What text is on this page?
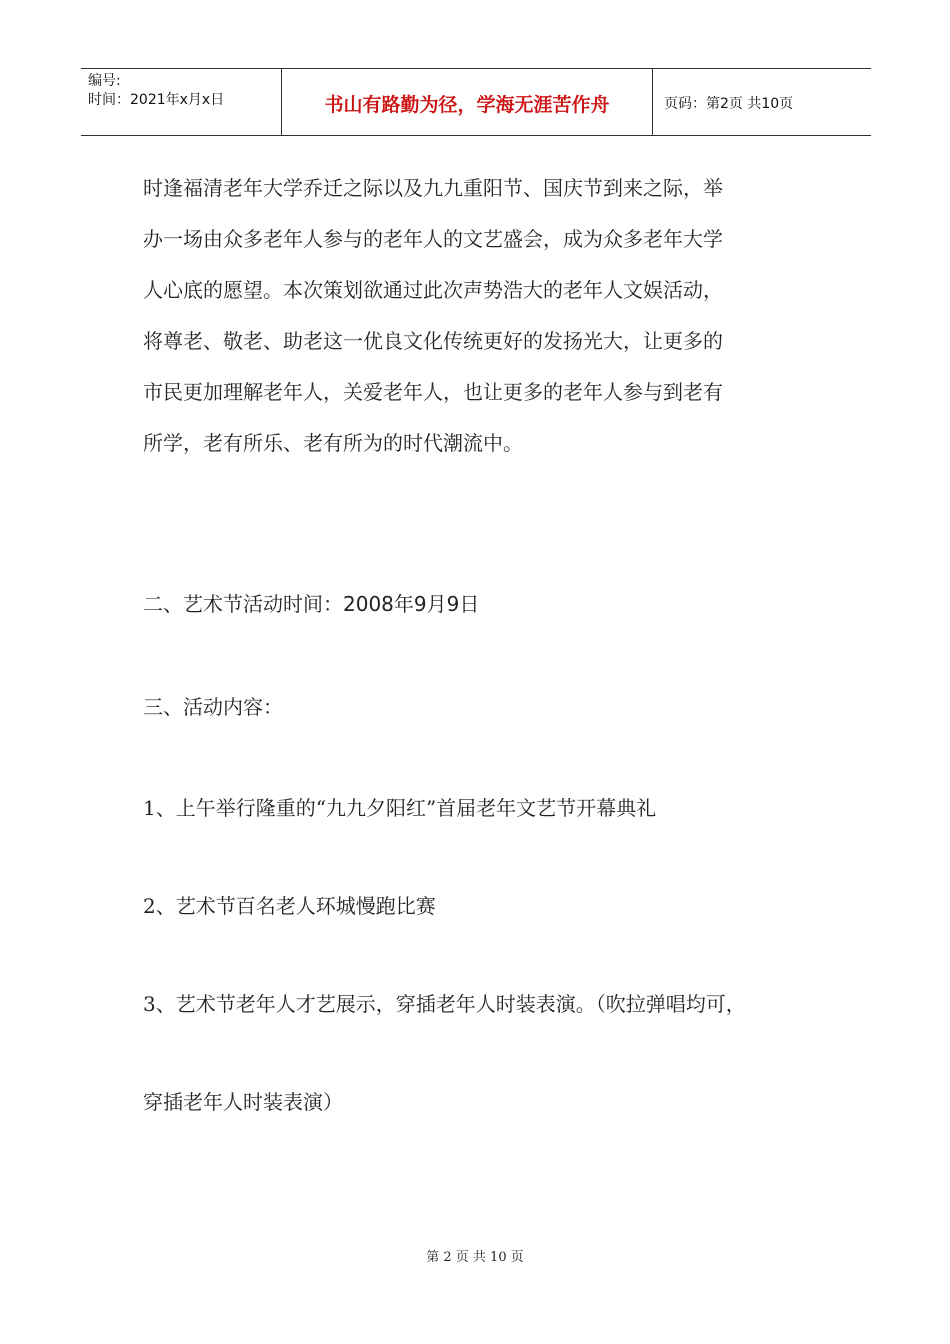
编号:
时间：2021年x月x日	书山有路勤为径，学海无涯苦作舟	页码：第2页 共10页
时逢福清老年大学乔迁之际以及九九重阳节、国庆节到来之际，举
办一场由众多老年人参与的老年人的文艺盛会，成为众多老年大学
人心底的愿望。本次策划欲通过此次声势浩大的老年人文娱活动，
将尊老、敬老、助老这一优良文化传统更好的发扬光大，让更多的
市民更加理解老年人，关爱老年人，也让更多的老年人参与到老有
所学，老有所乐、老有所为的时代潮流中。
二、艺术节活动时间：2008年9月9日
三、活动内容：
1、上午举行隆重的“九九夕阳红”首届老年文艺节开幕典礼
2、艺术节百名老人环城慢跑比赛
3、艺术节老年人才艺展示，穿插老年人时装表演。（吹拉弹唱均可，
穿插老年人时装表演）
第 2 页 共 10 页
